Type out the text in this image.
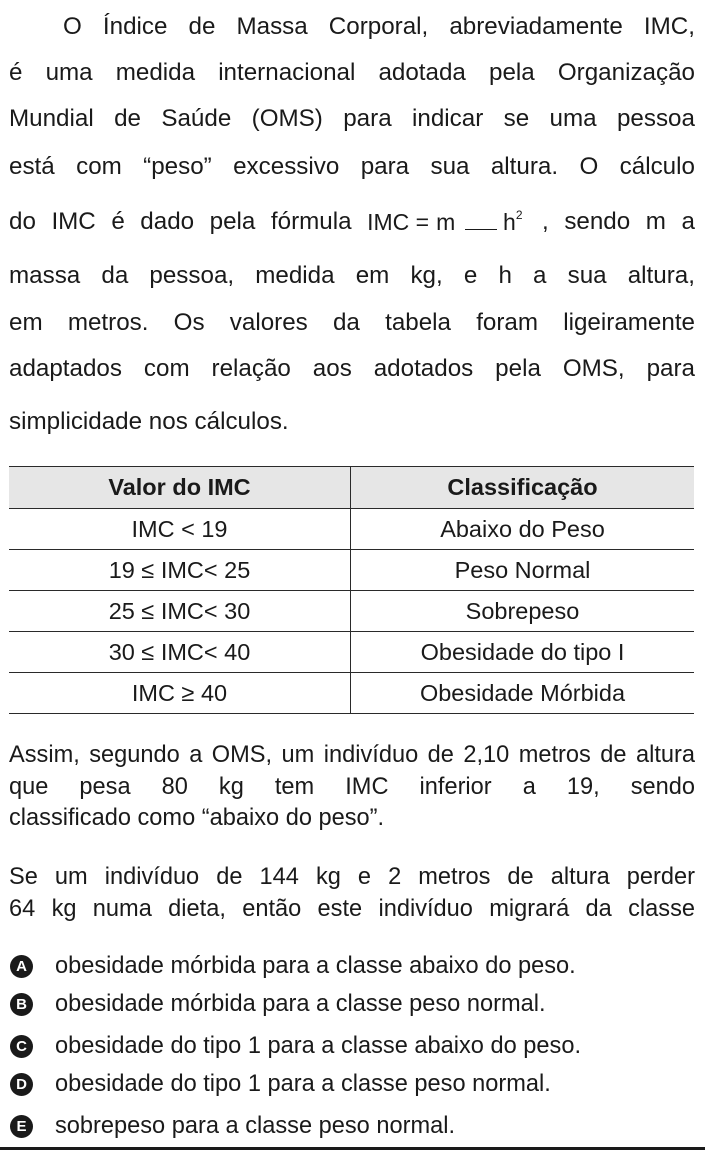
O Índice de Massa Corporal, abreviadamente IMC,
é uma medida internacional adotada pela Organização
Mundial de Saúde (OMS) para indicar se uma pessoa
está com “peso” excessivo para sua altura. O cálculo
do IMC é dado pela fórmula IMC = m $h^2$ , sendo m a
massa da pessoa, medida em kg, e h a sua altura,
em metros. Os valores da tabela foram ligeiramente
adaptados com relação aos adotados pela OMS, para
simplicidade nos cálculos.
Valor do IMC	Classificação
IMC < 19	Abaixo do Peso
19 ≤ IMC< 25	Peso Normal
25 ≤ IMC< 30	Sobrepeso
30 ≤ IMC< 40	Obesidade do tipo I
IMC ≥ 40	Obesidade Mórbida
Assim, segundo a OMS, um indivíduo de 2,10 metros de altura que pesa 80 kg tem IMC inferior a 19, sendo
classificado como “abaixo do peso”.
Se um indivíduo de 144 kg e 2 metros de altura perder
64 kg numa dieta, então este indivíduo migrará da classe
A obesidade mórbida para a classe abaixo do peso.
B obesidade mórbida para a classe peso normal.
C obesidade do tipo 1 para a classe abaixo do peso.
D obesidade do tipo 1 para a classe peso normal.
E sobrepeso para a classe peso normal.
